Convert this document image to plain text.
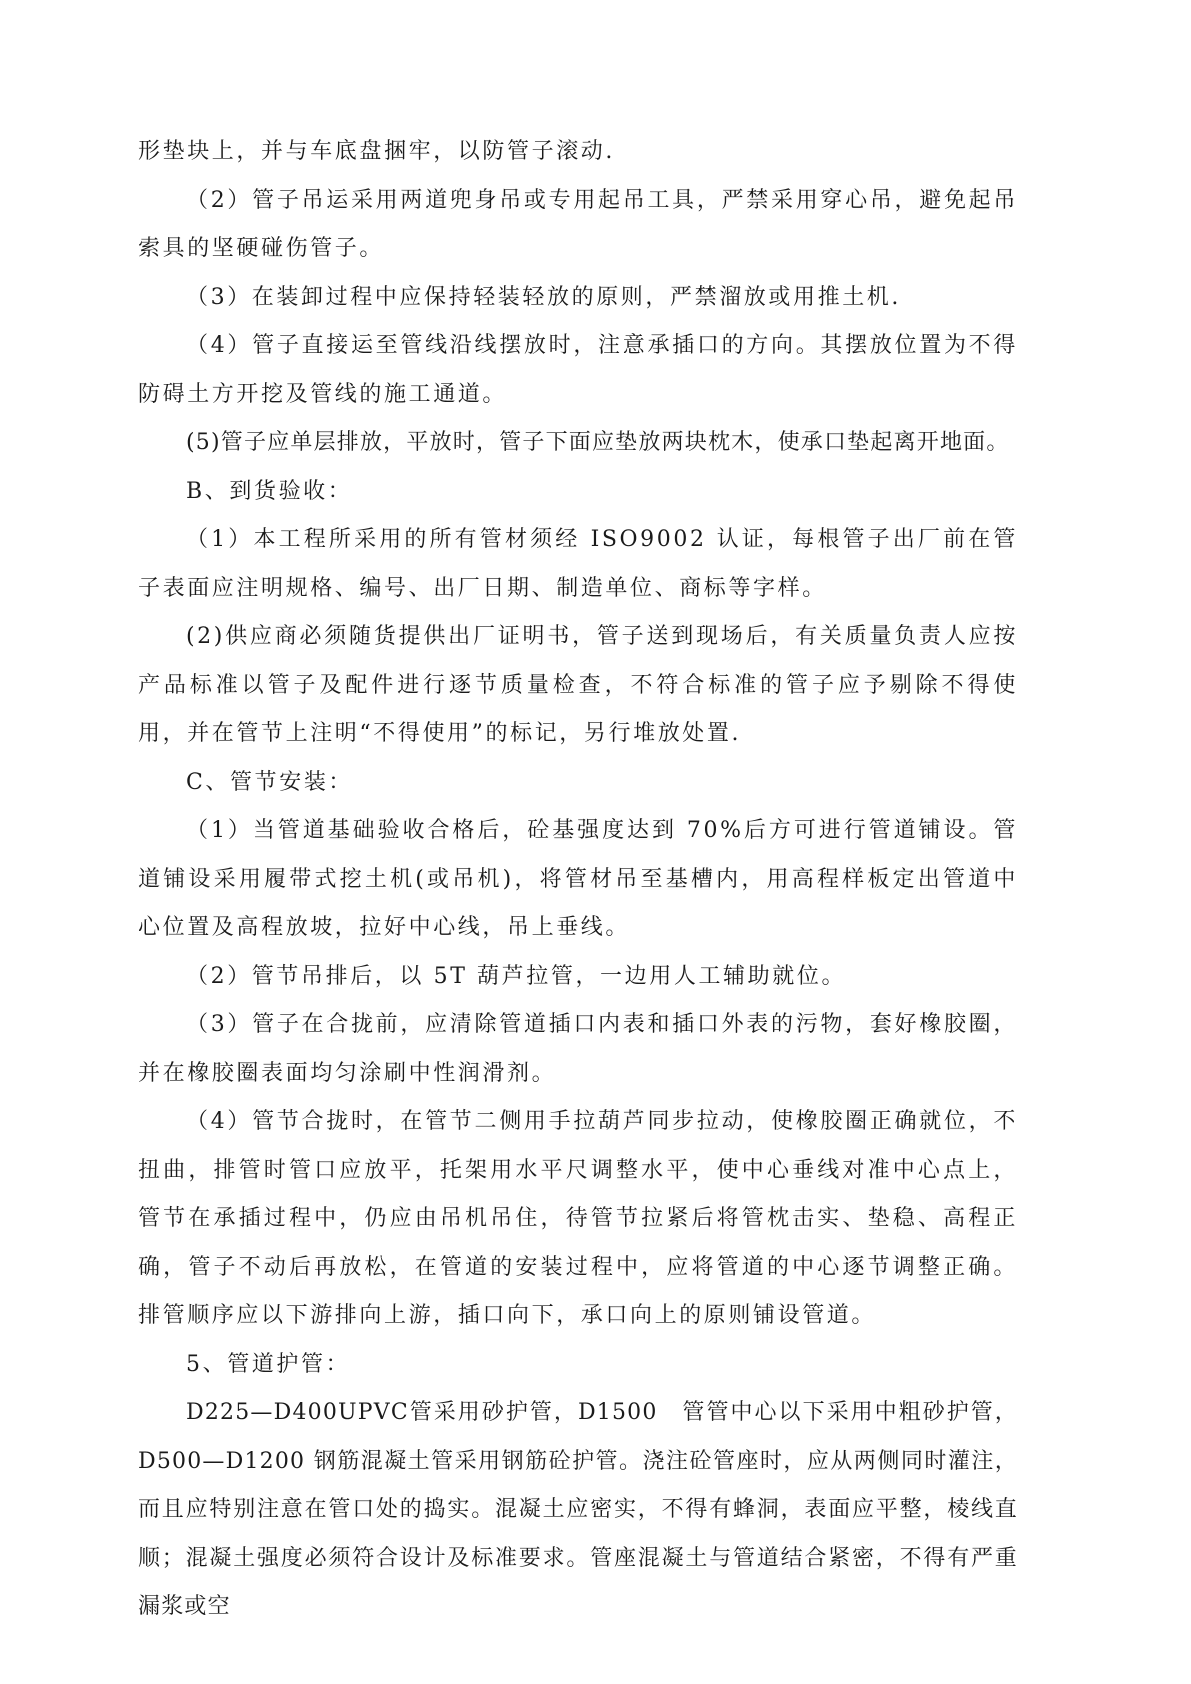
形垫块上，并与车底盘捆牢，以防管子滚动.

（2）管子吊运采用两道兜身吊或专用起吊工具，严禁采用穿心吊，避免起吊索具的坚硬碰伤管子。

（3）在装卸过程中应保持轻装轻放的原则，严禁溜放或用推土机.

（4）管子直接运至管线沿线摆放时，注意承插口的方向。其摆放位置为不得防碍土方开挖及管线的施工通道。

(5)管子应单层排放，平放时，管子下面应垫放两块枕木，使承口垫起离开地面。

B、到货验收：

（1）本工程所采用的所有管材须经 ISO9002 认证，每根管子出厂前在管子表面应注明规格、编号、出厂日期、制造单位、商标等字样。

(2)供应商必须随货提供出厂证明书，管子送到现场后，有关质量负责人应按产品标准以管子及配件进行逐节质量检查，不符合标准的管子应予剔除不得使用，并在管节上注明“不得使用”的标记，另行堆放处置.

C、管节安装：

（1）当管道基础验收合格后，砼基强度达到 70%后方可进行管道铺设。管道铺设采用履带式挖土机(或吊机)，将管材吊至基槽内，用高程样板定出管道中心位置及高程放坡，拉好中心线，吊上垂线。

（2）管节吊排后，以 5T 葫芦拉管，一边用人工辅助就位。

（3）管子在合拢前，应清除管道插口内表和插口外表的污物，套好橡胶圈，并在橡胶圈表面均匀涂刷中性润滑剂。

（4）管节合拢时，在管节二侧用手拉葫芦同步拉动，使橡胶圈正确就位，不扭曲，排管时管口应放平，托架用水平尺调整水平，使中心垂线对准中心点上，管节在承插过程中，仍应由吊机吊住，待管节拉紧后将管枕击实、垫稳、高程正确，管子不动后再放松，在管道的安装过程中，应将管道的中心逐节调整正确。排管顺序应以下游排向上游，插口向下，承口向上的原则铺设管道。

5、管道护管：

D225—D400UPVC管采用砂护管，D1500　管管中心以下采用中粗砂护管，D500—D1200 钢筋混凝土管采用钢筋砼护管。浇注砼管座时，应从两侧同时灌注，而且应特别注意在管口处的捣实。混凝土应密实，不得有蜂洞，表面应平整，棱线直顺；混凝土强度必须符合设计及标准要求。管座混凝土与管道结合紧密，不得有严重漏浆或空
